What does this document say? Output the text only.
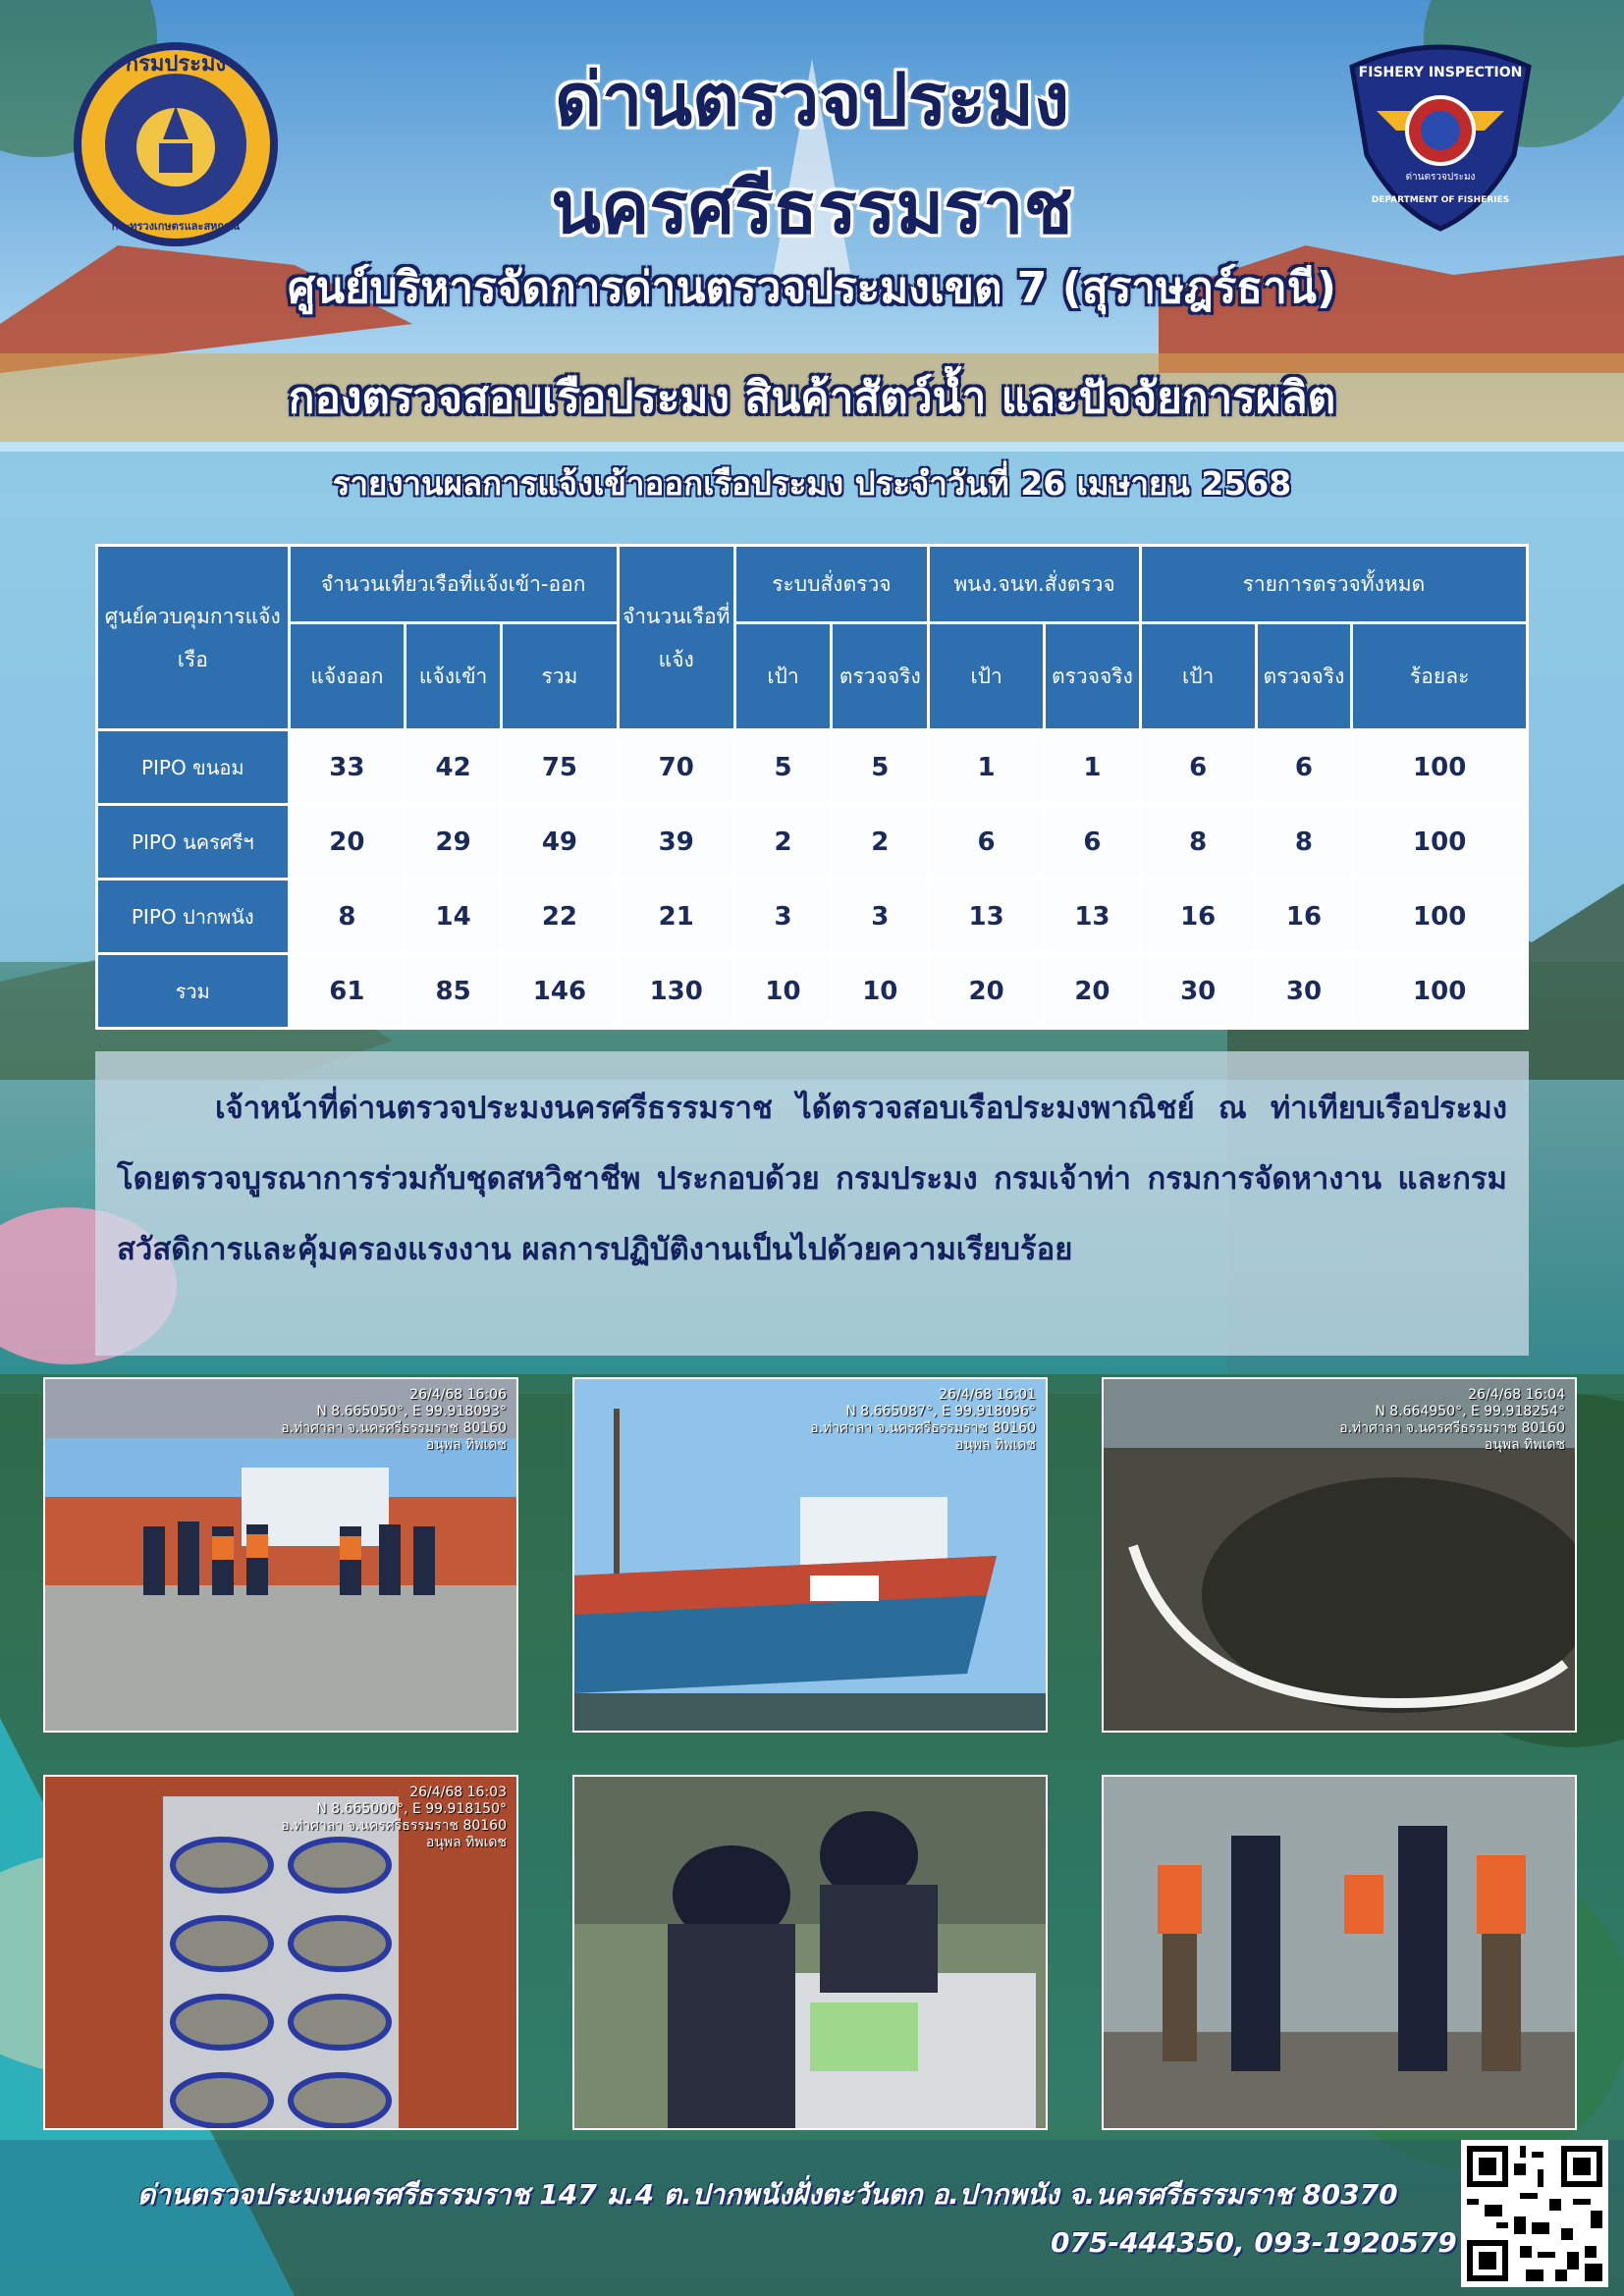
กรมประมง
กระทรวงเกษตรและสหกรณ์
FISHERY INSPECTION
ด่านตรวจประมง
DEPARTMENT OF FISHERIES
ด่านตรวจประมง
นครศรีธรรมราช
ศูนย์บริหารจัดการด่านตรวจประมงเขต 7 (สุราษฎร์ธานี)
กองตรวจสอบเรือประมง สินค้าสัตว์น้ำ และปัจจัยการผลิต
รายงานผลการแจ้งเข้าออกเรือประมง ประจำวันที่ 26 เมษายน 2568
ศูนย์ควบคุมการแจ้งเรือ	จำนวนเที่ยวเรือที่แจ้งเข้า-ออก			จำนวนเรือที่แจ้ง	ระบบสั่งตรวจ		พนง.จนท.สั่งตรวจ		รายการตรวจทั้งหมด		
	แจ้งออก	แจ้งเข้า	รวม		เป้า	ตรวจจริง	เป้า	ตรวจจริง	เป้า	ตรวจจริง	ร้อยละ
PIPO ขนอม	33	42	75	70	5	5	1	1	6	6	100
PIPO นครศรีฯ	20	29	49	39	2	2	6	6	8	8	100
PIPO ปากพนัง	8	14	22	21	3	3	13	13	16	16	100
รวม	61	85	146	130	10	10	20	20	30	30	100

เจ้าหน้าที่ด่านตรวจประมงนครศรีธรรมราช ได้ตรวจสอบเรือประมงพาณิชย์ ณ ท่าเทียบเรือประมง โดยตรวจบูรณาการร่วมกับชุดสหวิชาชีพ ประกอบด้วย กรมประมง กรมเจ้าท่า กรมการจัดหางาน และกรมสวัสดิการและคุ้มครองแรงงาน ผลการปฏิบัติงานเป็นไปด้วยความเรียบร้อย

26/4/68 16:06
N 8.665050°, E 99.918093°
อ.ท่าศาลา จ.นครศรีธรรมราช 80160
อนุพล ทิพเดช
26/4/68 16:01
N 8.665087°, E 99.918096°
อ.ท่าศาลา จ.นครศรีธรรมราช 80160
อนุพล ทิพเดช
26/4/68 16:04
N 8.664950°, E 99.918254°
อ.ท่าศาลา จ.นครศรีธรรมราช 80160
อนุพล ทิพเดช
26/4/68 16:03
N 8.665000°, E 99.918150°
อ.ท่าศาลา จ.นครศรีธรรมราช 80160
อนุพล ทิพเดช
ด่านตรวจประมงนครศรีธรรมราช 147 ม.4 ต.ปากพนังฝั่งตะวันตก อ.ปากพนัง จ.นครศรีธรรมราช 80370
075-444350, 093-1920579
